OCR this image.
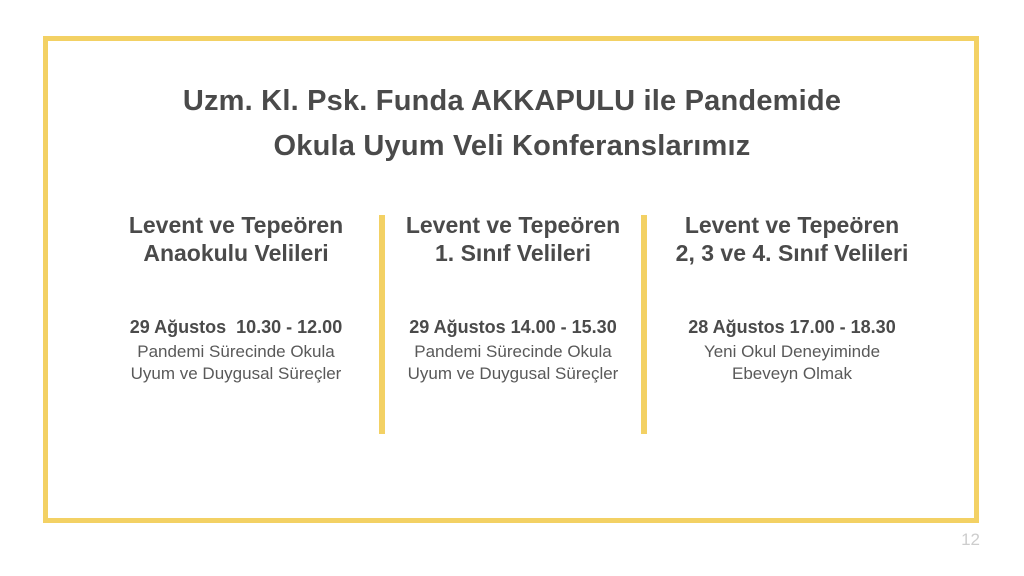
Uzm. Kl. Psk. Funda AKKAPULU ile Pandemide
Okula Uyum Veli Konferanslarımız
Levent ve Tepeören
Anaokulu Velileri
29 Ağustos  10.30 - 12.00
Pandemi Sürecinde Okula
Uyum ve Duygusal Süreçler
Levent ve Tepeören
1. Sınıf Velileri
29 Ağustos 14.00 - 15.30
Pandemi Sürecinde Okula
Uyum ve Duygusal Süreçler
Levent ve Tepeören
2, 3 ve 4. Sınıf Velileri
28 Ağustos 17.00 - 18.30
Yeni Okul Deneyiminde
Ebeveyn Olmak
12
